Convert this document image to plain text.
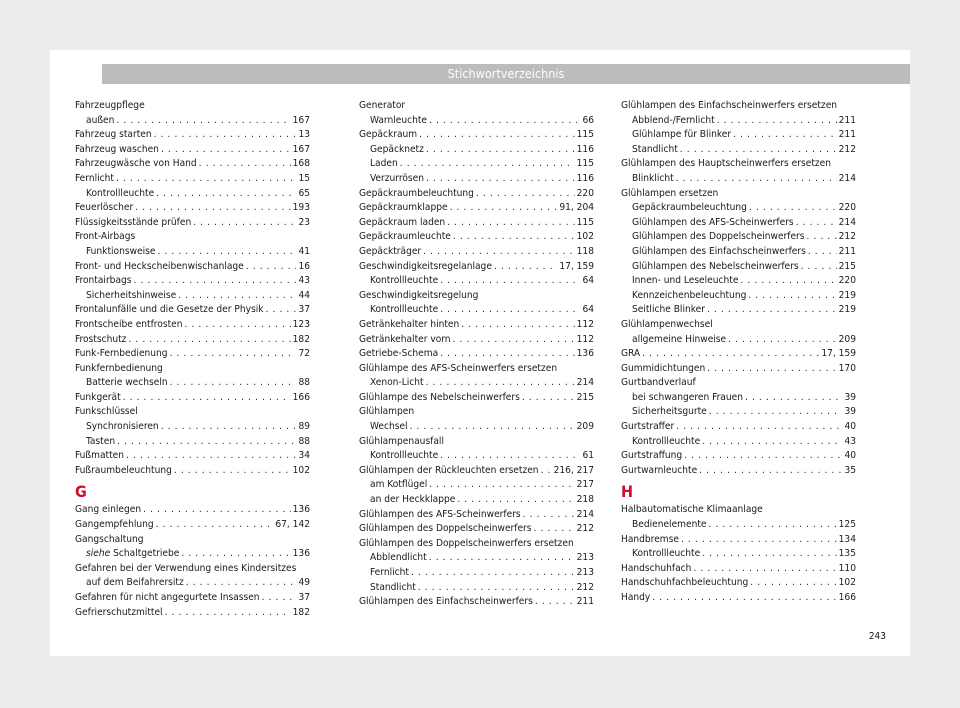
Stichwortverzeichnis
Fahrzeugpflege
außen . . .	167
Fahrzeug starten . . .	13
Fahrzeug waschen . . .	167
Fahrzeugwäsche von Hand . . .	168
Fernlicht . . .	15
Kontrollleuchte . . .	65
Feuerlöscher . . .	193
Flüssigkeitsstände prüfen . . .	23
Front-Airbags
Funktionsweise . . .	41
Front- und Heckscheibenwischanlage . . .	16
Frontairbags . . .	43
Sicherheitshinweise . . .	44
Frontalunfälle und die Gesetze der Physik . . .	37
Frontscheibe entfrosten . . .	123
Frostschutz . . .	182
Funk-Fernbedienung . . .	72
Funkfernbedienung
Batterie wechseln . . .	88
Funkgerät . . .	166
Funkschlüssel
Synchronisieren . . .	89
Tasten . . .	88
Fußmatten . . .	34
Fußraumbeleuchtung . . .	102
G
Gang einlegen . . .	136
Gangempfehlung . . .	67, 142
Gangschaltung
siehe Schaltgetriebe . . .	136
Gefahren bei der Verwendung eines Kindersitzes
auf dem Beifahrersitz . . .	49
Gefahren für nicht angegurtete Insassen . . .	37
Gefrierschutzmittel . . .	182
Generator
Warnleuchte . . .	66
Gepäckraum . . .	115
Gepäcknetz . . .	116
Laden . . .	115
Verzurrösen . . .	116
Gepäckraumbeleuchtung . . .	220
Gepäckraumklappe . . .	91, 204
Gepäckraum laden . . .	115
Gepäckraumleuchte . . .	102
Gepäckträger . . .	118
Geschwindigkeitsregelanlage . . .	17, 159
Kontrollleuchte . . .	64
Geschwindigkeitsregelung
Kontrollleuchte . . .	64
Getränkehalter hinten . . .	112
Getränkehalter vorn . . .	112
Getriebe-Schema . . .	136
Glühlampe des AFS-Scheinwerfers ersetzen
Xenon-Licht . . .	214
Glühlampe des Nebelscheinwerfers . . .	215
Glühlampen
Wechsel . . .	209
Glühlampenausfall
Kontrollleuchte . . .	61
Glühlampen der Rückleuchten ersetzen . . . 216, 217
am Kotflügel . . .	217
an der Heckklappe . . .	218
Glühlampen des AFS-Scheinwerfers . . .	214
Glühlampen des Doppelscheinwerfers . . .	212
Glühlampen des Doppelscheinwerfers ersetzen
Abblendlicht . . .	213
Fernlicht . . .	213
Standlicht . . .	212
Glühlampen des Einfachscheinwerfers . . .	211
Glühlampen des Einfachscheinwerfers ersetzen
Abblend-/Fernlicht . . .	211
Glühlampe für Blinker . . .	211
Standlicht . . .	212
Glühlampen des Hauptscheinwerfers ersetzen
Blinklicht . . .	214
Glühlampen ersetzen
Gepäckraumbeleuchtung . . .	220
Glühlampen des AFS-Scheinwerfers . . .	214
Glühlampen des Doppelscheinwerfers . . .	212
Glühlampen des Einfachscheinwerfers . . .	211
Glühlampen des Nebelscheinwerfers . . .	215
Innen- und Leseleuchte . . .	220
Kennzeichenbeleuchtung . . .	219
Seitliche Blinker . . .	219
Glühlampenwechsel
allgemeine Hinweise . . .	209
GRA . . .	17, 159
Gummidichtungen . . .	170
Gurtbandverlauf
bei schwangeren Frauen . . .	39
Sicherheitsgurte . . .	39
Gurtstraffer . . .	40
Kontrollleuchte . . .	43
Gurtstraffung . . .	40
Gurtwarnleuchte . . .	35
H
Halbautomatische Klimaanlage
Bedienelemente . . .	125
Handbremse . . .	134
Kontrollleuchte . . .	135
Handschuhfach . . .	110
Handschuhfachbeleuchtung . . .	102
Handy . . .	166
243
